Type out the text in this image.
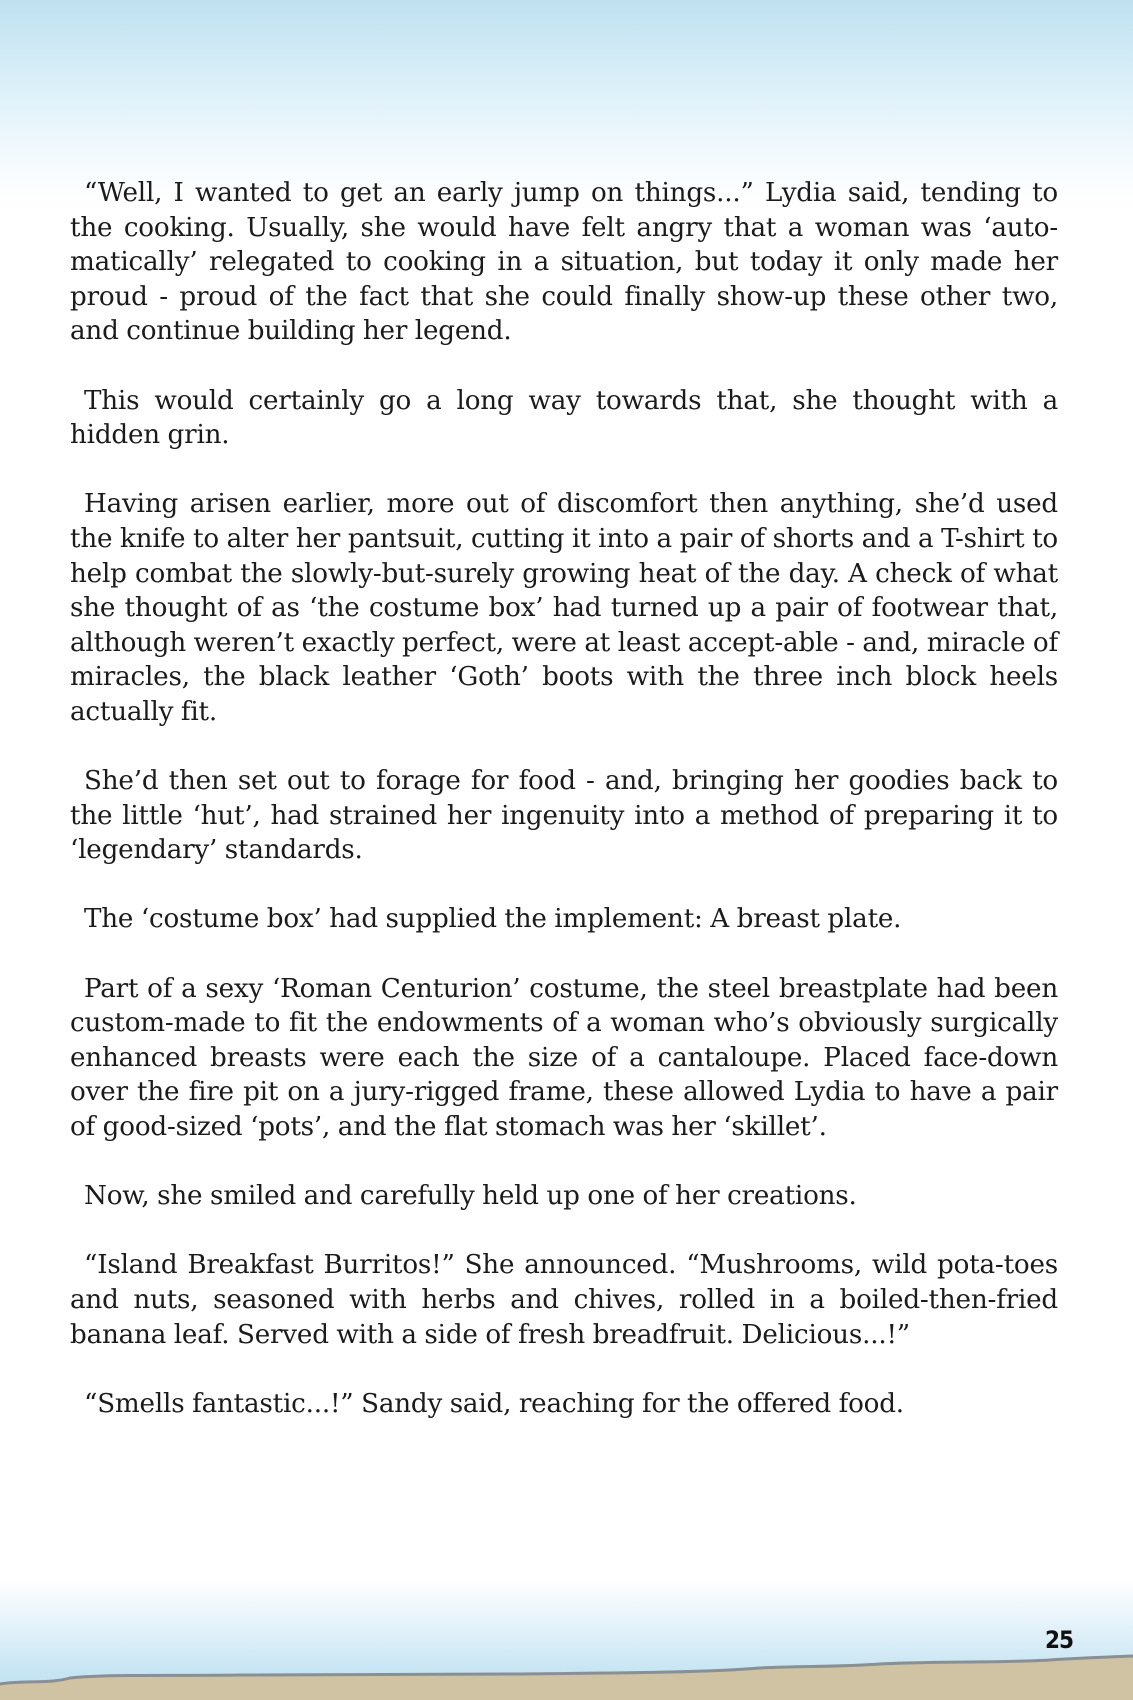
“Well, I wanted to get an early jump on things...” Lydia said, tending to the cooking. Usually, she would have felt angry that a woman was ‘auto-matically’ relegated to cooking in a situation, but today it only made her proud - proud of the fact that she could finally show-up these other two, and continue building her legend.

This would certainly go a long way towards that, she thought with a hidden grin.

Having arisen earlier, more out of discomfort then anything, she’d used the knife to alter her pantsuit, cutting it into a pair of shorts and a T-shirt to help combat the slowly-but-surely growing heat of the day. A check of what she thought of as ‘the costume box’ had turned up a pair of footwear that, although weren’t exactly perfect, were at least accept-able - and, miracle of miracles, the black leather ‘Goth’ boots with the three inch block heels actually fit.

She’d then set out to forage for food - and, bringing her goodies back to the little ‘hut’, had strained her ingenuity into a method of preparing it to ‘legendary’ standards.

The ‘costume box’ had supplied the implement: A breast plate.

Part of a sexy ‘Roman Centurion’ costume, the steel breastplate had been custom-made to fit the endowments of a woman who’s obviously surgically enhanced breasts were each the size of a cantaloupe. Placed face-down over the fire pit on a jury-rigged frame, these allowed Lydia to have a pair of good-sized ‘pots’, and the flat stomach was her ‘skillet’.

Now, she smiled and carefully held up one of her creations.

“Island Breakfast Burritos!” She announced. “Mushrooms, wild pota-toes and nuts, seasoned with herbs and chives, rolled in a boiled-then-fried banana leaf. Served with a side of fresh breadfruit. Delicious...!”

“Smells fantastic...!” Sandy said, reaching for the offered food.

25
